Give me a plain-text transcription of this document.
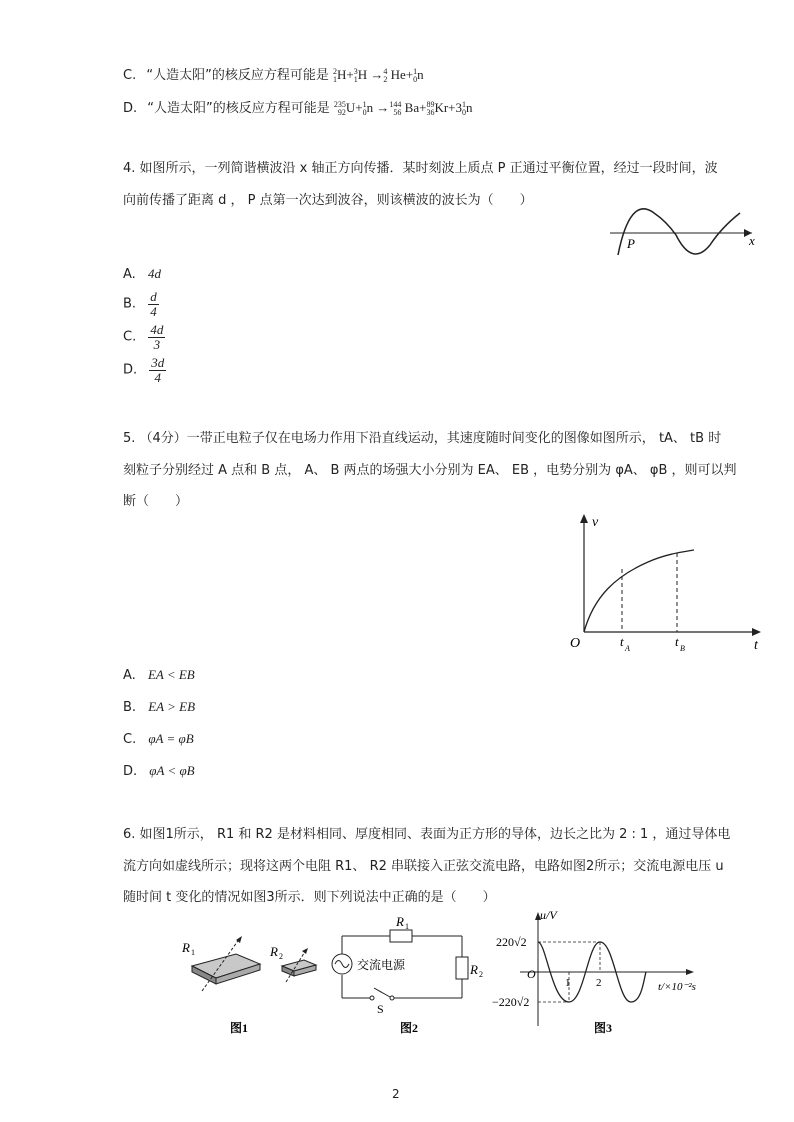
C. “人造太阳”的核反应方程可能是 2
1 H+ 3
1 H → 4
2 He+ 1
0 n
D. “人造太阳”的核反应方程可能是 235
92 U+ 1
0 n → 144
56 Ba+ 89
36 Kr+3 1
0 n
4. 如图所示，一列简谐横波沿 x 轴正方向传播．某时刻波上质点 P 正通过平衡位置，经过一段时间，波
向前传播了距离 d ， P 点第一次达到波谷，则该横波的波长为（　　）
P	x
A. 4d
B. $\frac{d}{4}$
C. $\frac{4d}{3}$
D. $\frac{3d}{4}$
5. （4分）一带正电粒子仅在电场力作用下沿直线运动，其速度随时间变化的图像如图所示， tA、 tB 时
刻粒子分别经过 A 点和 B 点， A、 B 两点的场强大小分别为 EA、 EB ，电势分别为 φA、 φB ，则可以判
断（　　）
v
O	t
t A	t B
A. EA < EB
B. EA > EB
C. φA = φB
D. φA < φB
6. 如图1所示， R1 和 R2 是材料相同、厚度相同、表面为正方形的导体，边长之比为 2 : 1 ，通过导体电
流方向如虚线所示；现将这两个电阻 R1、 R2 串联接入正弦交流电路，电路如图2所示；交流电源电压 u
随时间 t 变化的情况如图3所示．则下列说法中正确的是（　　）
R 1	R 2
图1
交流电源
R 1
R 2
S
图2
u/V
220√2
−220√2
O
1 2	t/×10⁻²s
图3
2
